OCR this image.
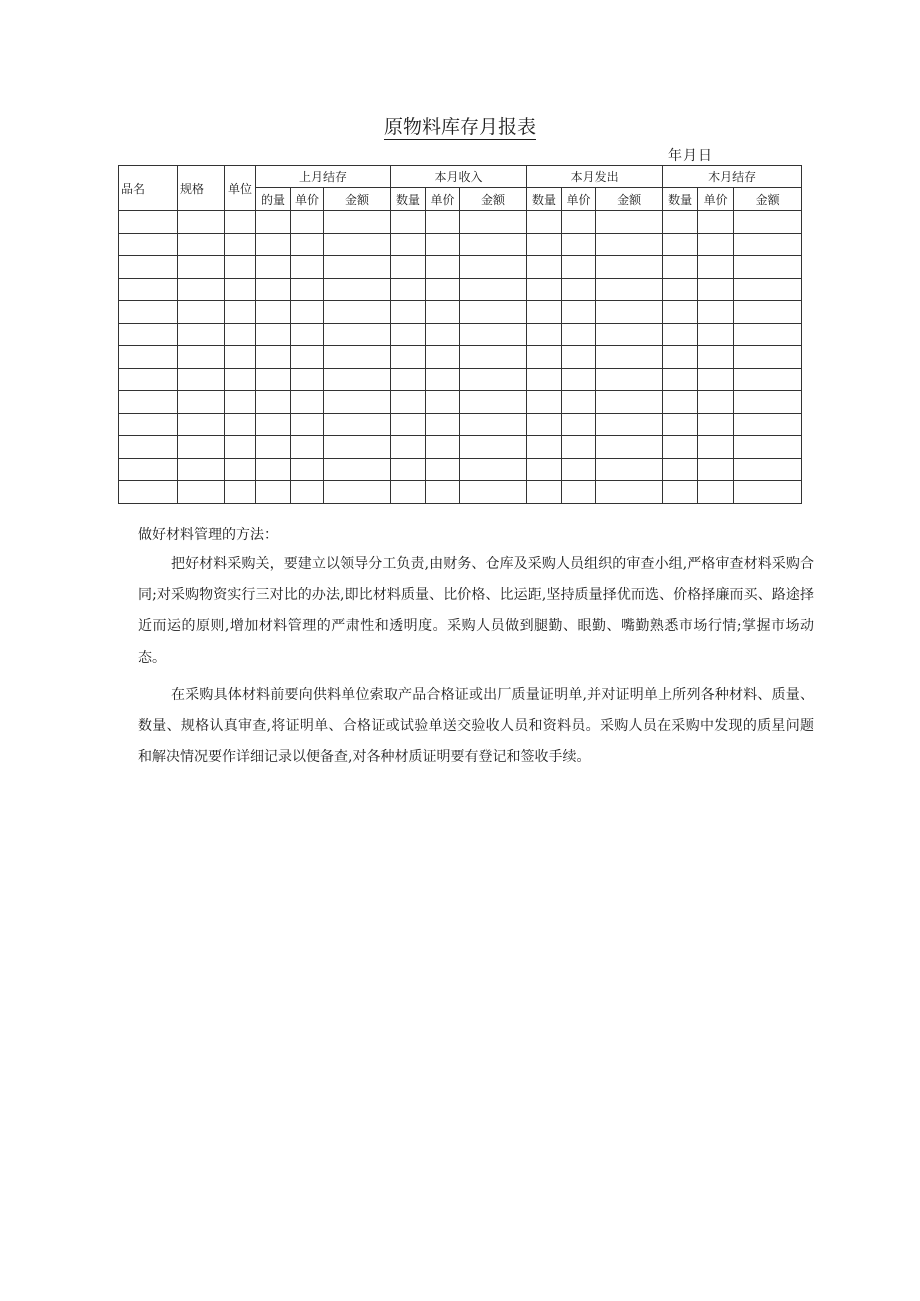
原物料库存月报表
年月日
品名	规格	单位	上月结存			本月收入			本月发出			木月结存		
			的量	单价	金额	数量	单价	金额	数量	单价	金额	数量	单价	金额

做好材料管理的方法：
把好材料采购关，要建立以领导分工负责,由财务、仓库及采购人员组织的审查小组,严格审查材料采购合同;对采购物资实行三对比的办法,即比材料质量、比价格、比运距,坚持质量择优而选、价格择廉而买、路途择近而运的原则,增加材料管理的严肃性和透明度。采购人员做到腿勤、眼勤、嘴勤熟悉市场行情;掌握市场动态。
在采购具体材料前要向供料单位索取产品合格证或出厂质量证明单,并对证明单上所列各种材料、质量、数量、规格认真审查,将证明单、合格证或试验单送交验收人员和资料员。采购人员在采购中发现的质星问题和解决情况要作详细记录以便备查,对各种材质证明要有登记和签收手续。
